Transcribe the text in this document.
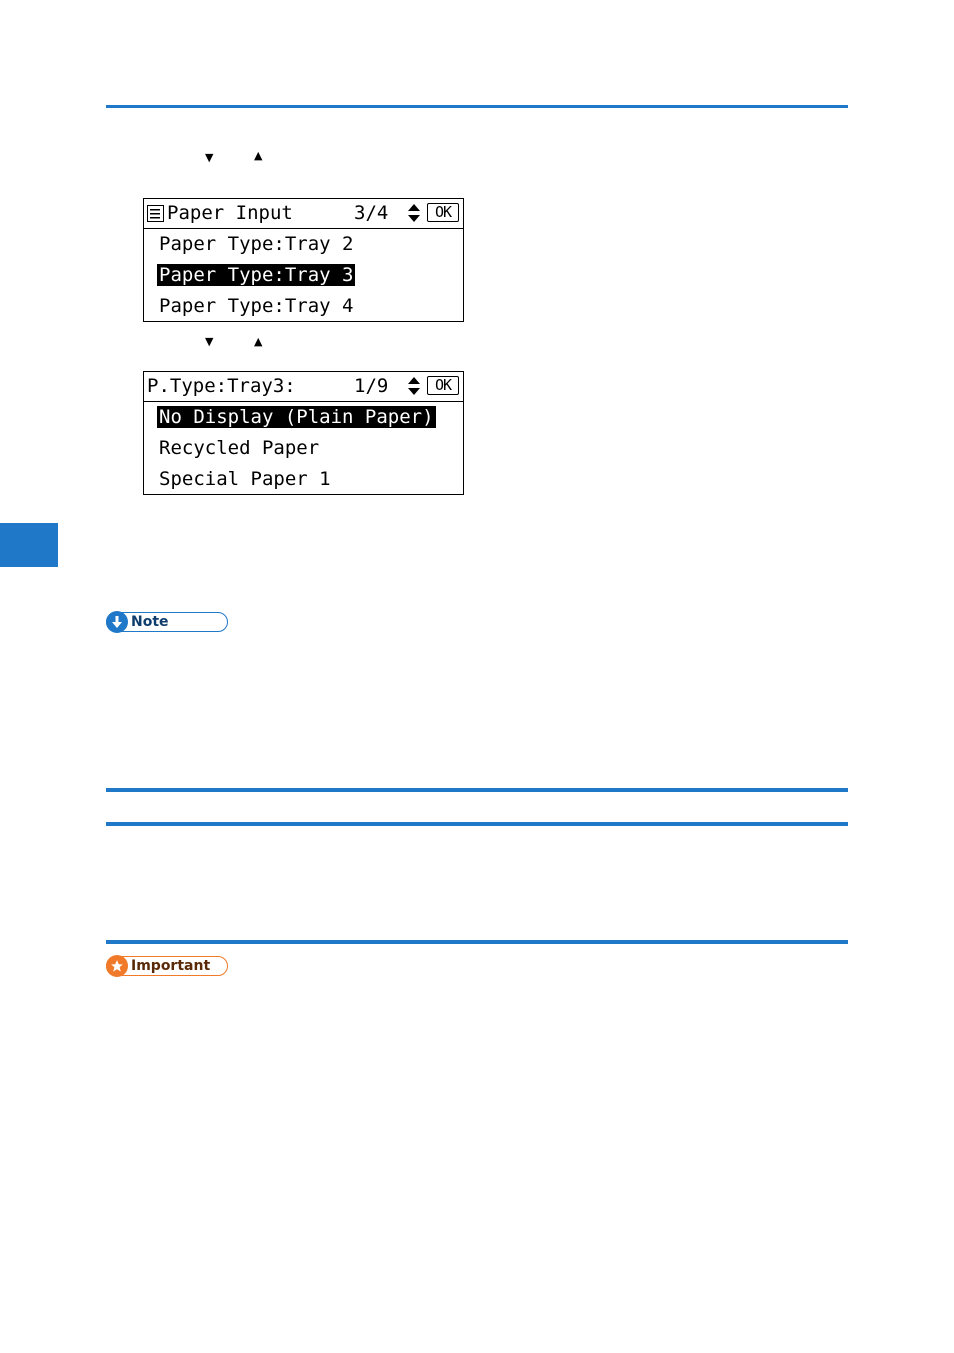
▼	▲
Paper Input	3/4	OK
Paper Type:Tray 2
Paper Type:Tray 3
Paper Type:Tray 4
▼	▲
P.Type:Tray3:	1/9	OK
No Display (Plain Paper)
Recycled Paper
Special Paper 1
Note
Important
